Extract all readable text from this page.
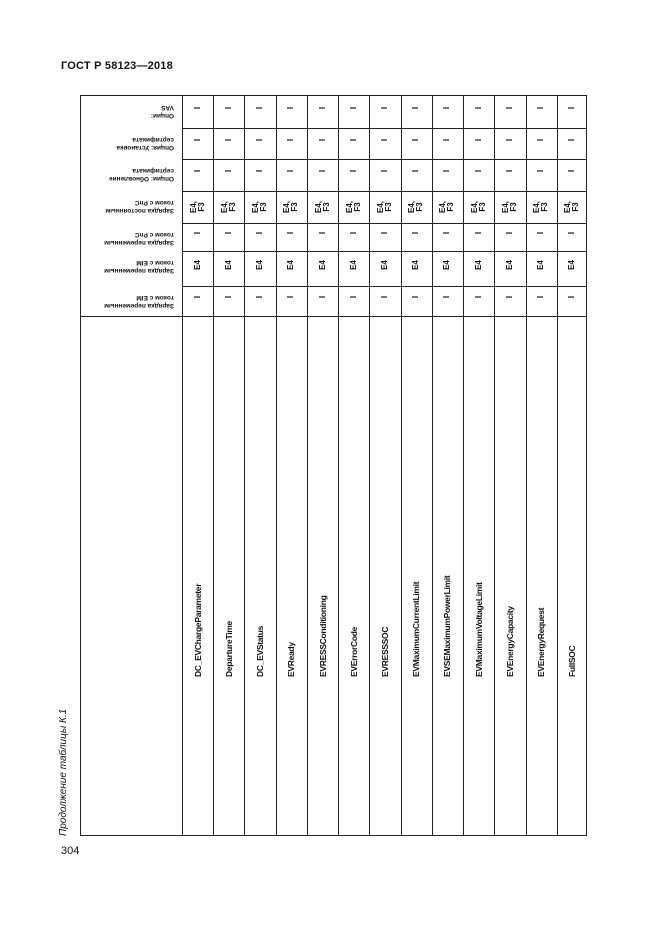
ГОСТ Р 58123—2018
Продолжение таблицы К.1
304
Опции:
VAS
Опция: Установка
сертификата
Опции: Обновление
сертификата
Зарядка постоянным
током с PnC
Зарядка переменным
током с PnC
Зарядка переменным
током с EIM
Зарядка переменным
током с EIM
I
I
I
E4,
F3
I
E4
I
DC_EVChargeParameter
I
I
I
E4,
F3
I
E4
I
DepartureTime
I
I
I
E4,
F3
I
E4
I
DC_EVStatus
I
I
I
E4,
F3
I
E4
I
EVReady
I
I
I
E4,
F3
I
E4
I
EVRESSConditioning
I
I
I
E4,
F3
I
E4
I
EVErrorCode
I
I
I
E4,
F3
I
E4
I
EVRESSSOC
I
I
I
E4,
F3
I
E4
I
EVMaximumCurrentLimit
I
I
I
E4,
F3
I
E4
I
EVSEMaximumPowerLimit
I
I
I
E4,
F3
I
E4
I
EVMaximumVoltageLimit
I
I
I
E4,
F3
I
E4
I
EVEnergyCapacity
I
I
I
E4,
F3
I
E4
I
EVEnergyRequest
I
I
I
E4,
F3
I
E4
I
FullSOC
